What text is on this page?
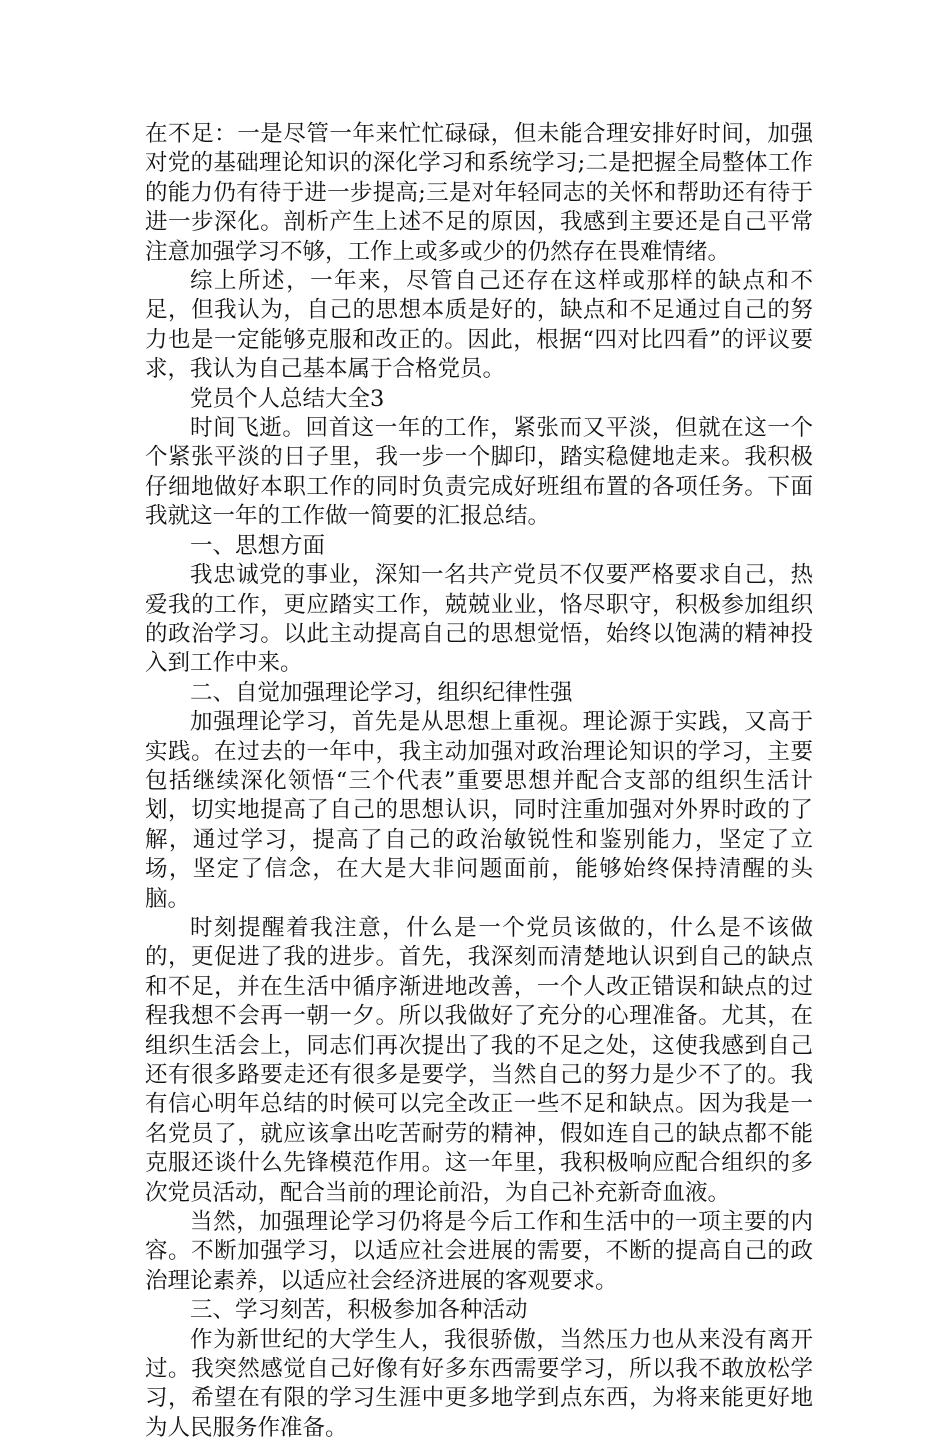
在不足：一是尽管一年来忙忙碌碌，但未能合理安排好时间，加强对党的基础理论知识的深化学习和系统学习;二是把握全局整体工作的能力仍有待于进一步提高;三是对年轻同志的关怀和帮助还有待于进一步深化。剖析产生上述不足的原因，我感到主要还是自己平常注意加强学习不够，工作上或多或少的仍然存在畏难情绪。

综上所述，一年来，尽管自己还存在这样或那样的缺点和不足，但我认为，自己的思想本质是好的，缺点和不足通过自己的努力也是一定能够克服和改正的。因此，根据“四对比四看”的评议要求，我认为自己基本属于合格党员。

党员个人总结大全3

时间飞逝。回首这一年的工作，紧张而又平淡，但就在这一个个紧张平淡的日子里，我一步一个脚印，踏实稳健地走来。我积极仔细地做好本职工作的同时负责完成好班组布置的各项任务。下面我就这一年的工作做一简要的汇报总结。

一、思想方面

我忠诚党的事业，深知一名共产党员不仅要严格要求自己，热爱我的工作，更应踏实工作，兢兢业业，恪尽职守，积极参加组织的政治学习。以此主动提高自己的思想觉悟，始终以饱满的精神投入到工作中来。

二、自觉加强理论学习，组织纪律性强

加强理论学习，首先是从思想上重视。理论源于实践，又高于实践。在过去的一年中，我主动加强对政治理论知识的学习，主要包括继续深化领悟“三个代表”重要思想并配合支部的组织生活计划，切实地提高了自己的思想认识，同时注重加强对外界时政的了解，通过学习，提高了自己的政治敏锐性和鉴别能力，坚定了立场，坚定了信念，在大是大非问题面前，能够始终保持清醒的头脑。

时刻提醒着我注意，什么是一个党员该做的，什么是不该做的，更促进了我的进步。首先，我深刻而清楚地认识到自己的缺点和不足，并在生活中循序渐进地改善，一个人改正错误和缺点的过程我想不会再一朝一夕。所以我做好了充分的心理准备。尤其，在组织生活会上，同志们再次提出了我的不足之处，这使我感到自己还有很多路要走还有很多是要学，当然自己的努力是少不了的。我有信心明年总结的时候可以完全改正一些不足和缺点。因为我是一名党员了，就应该拿出吃苦耐劳的精神，假如连自己的缺点都不能克服还谈什么先锋模范作用。这一年里，我积极响应配合组织的多次党员活动，配合当前的理论前沿，为自己补充新奇血液。

当然，加强理论学习仍将是今后工作和生活中的一项主要的内容。不断加强学习，以适应社会进展的需要，不断的提高自己的政治理论素养，以适应社会经济进展的客观要求。

三、学习刻苦，积极参加各种活动

作为新世纪的大学生人，我很骄傲，当然压力也从来没有离开过。我突然感觉自己好像有好多东西需要学习，所以我不敢放松学习，希望在有限的学习生涯中更多地学到点东西，为将来能更好地为人民服务作准备。
